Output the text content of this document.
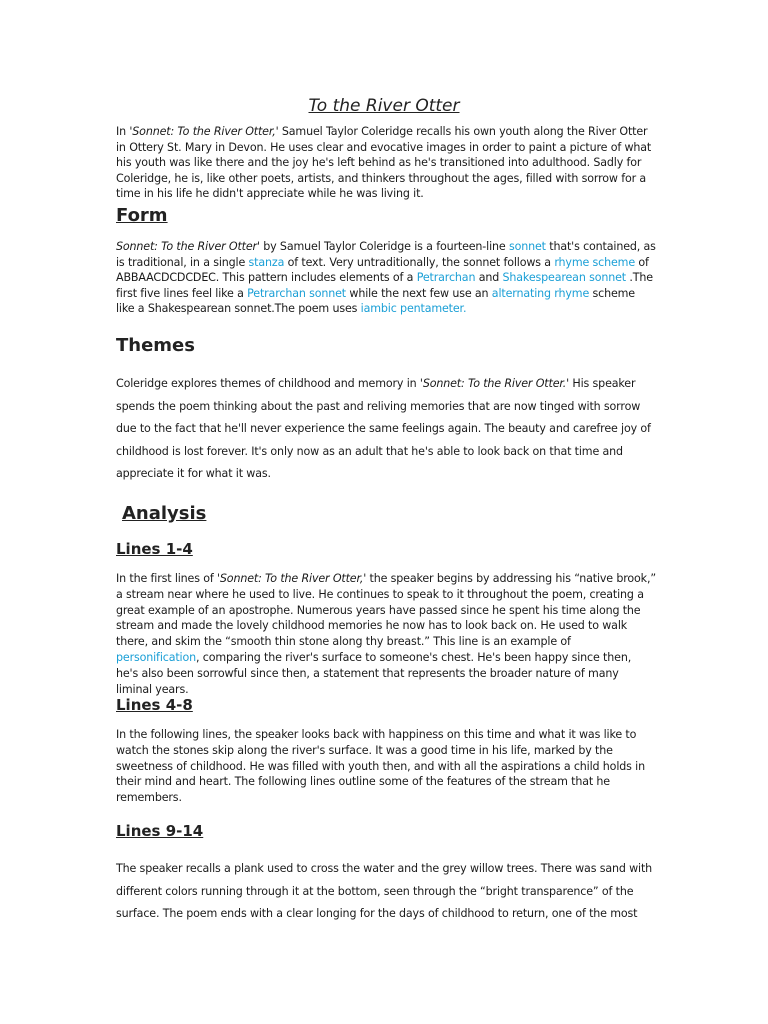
To the River Otter

In 'Sonnet: To the River Otter,' Samuel Taylor Coleridge recalls his own youth along the River Otter in Ottery St. Mary in Devon. He uses clear and evocative images in order to paint a picture of what his youth was like there and the joy he's left behind as he's transitioned into adulthood. Sadly for Coleridge, he is, like other poets, artists, and thinkers throughout the ages, filled with sorrow for a time in his life he didn't appreciate while he was living it.

Form

Sonnet: To the River Otter' by Samuel Taylor Coleridge is a fourteen-line sonnet that's contained, as is traditional, in a single stanza of text. Very untraditionally, the sonnet follows a rhyme scheme of ABBAACDCDCDEC. This pattern includes elements of a Petrarchan and Shakespearean sonnet .The first five lines feel like a Petrarchan sonnet while the next few use an alternating rhyme scheme like a Shakespearean sonnet.The poem uses iambic pentameter.

Themes

Coleridge explores themes of childhood and memory in 'Sonnet: To the River Otter.' His speaker spends the poem thinking about the past and reliving memories that are now tinged with sorrow due to the fact that he'll never experience the same feelings again. The beauty and carefree joy of childhood is lost forever. It's only now as an adult that he's able to look back on that time and appreciate it for what it was.

Analysis
Lines 1-4

In the first lines of 'Sonnet: To the River Otter,' the speaker begins by addressing his “native brook,” a stream near where he used to live. He continues to speak to it throughout the poem, creating a great example of an apostrophe. Numerous years have passed since he spent his time along the stream and made the lovely childhood memories he now has to look back on. He used to walk there, and skim the “smooth thin stone along thy breast.” This line is an example of personification, comparing the river's surface to someone's chest. He's been happy since then, he's also been sorrowful since then, a statement that represents the broader nature of many liminal years.

Lines 4-8

In the following lines, the speaker looks back with happiness on this time and what it was like to watch the stones skip along the river's surface. It was a good time in his life, marked by the sweetness of childhood. He was filled with youth then, and with all the aspirations a child holds in their mind and heart. The following lines outline some of the features of the stream that he remembers.

Lines 9-14

The speaker recalls a plank used to cross the water and the grey willow trees. There was sand with different colors running through it at the bottom, seen through the “bright transparence” of the surface. The poem ends with a clear longing for the days of childhood to return, one of the most
